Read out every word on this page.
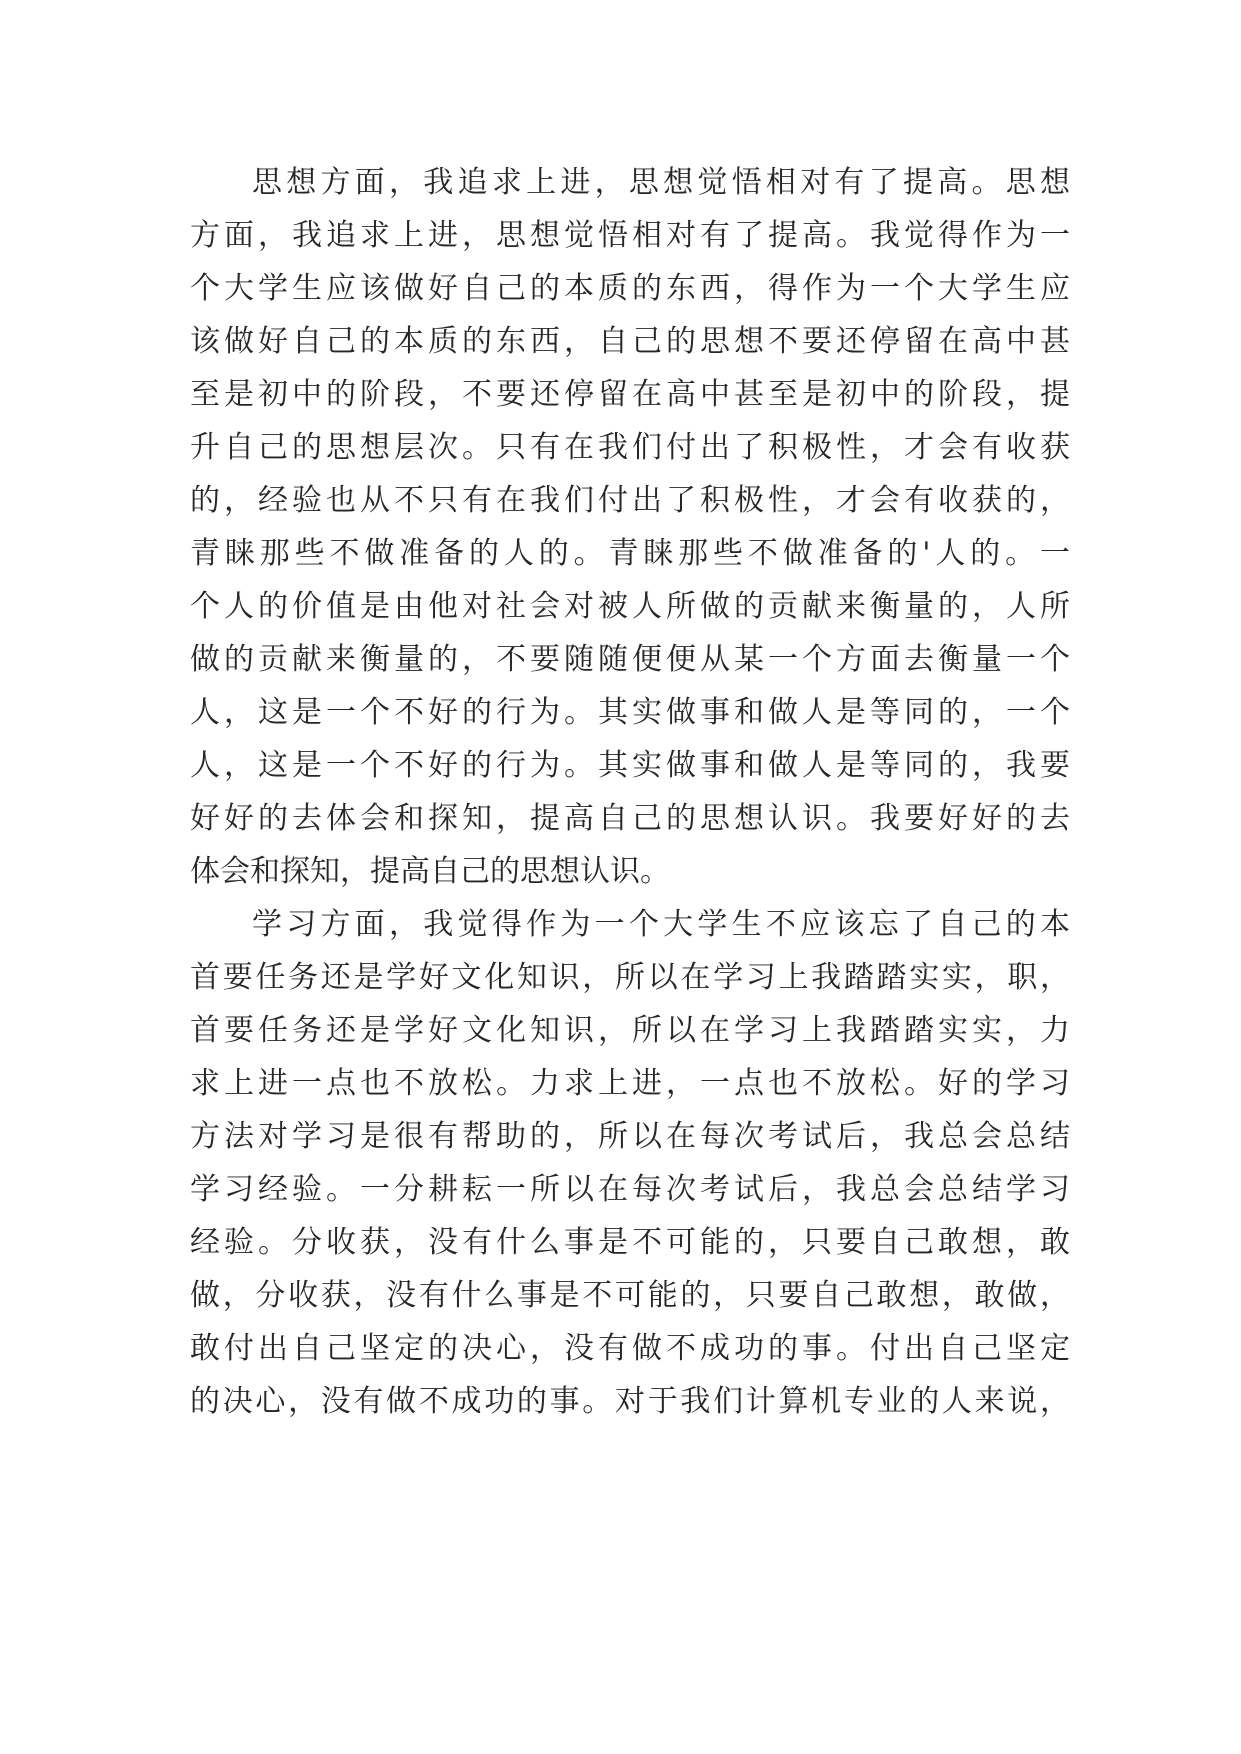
思想方面，我追求上进，思想觉悟相对有了提高。思想
方面，我追求上进，思想觉悟相对有了提高。我觉得作为一
个大学生应该做好自己的本质的东西，得作为一个大学生应
该做好自己的本质的东西，自己的思想不要还停留在高中甚
至是初中的阶段，不要还停留在高中甚至是初中的阶段，提
升自己的思想层次。只有在我们付出了积极性，才会有收获
的，经验也从不只有在我们付出了积极性，才会有收获的，
青睐那些不做准备的人的。青睐那些不做准备的'人的。一
个人的价值是由他对社会对被人所做的贡献来衡量的，人所
做的贡献来衡量的，不要随随便便从某一个方面去衡量一个
人，这是一个不好的行为。其实做事和做人是等同的，一个
人，这是一个不好的行为。其实做事和做人是等同的，我要
好好的去体会和探知，提高自己的思想认识。我要好好的去
体会和探知，提高自己的思想认识。
学习方面，我觉得作为一个大学生不应该忘了自己的本
首要任务还是学好文化知识，所以在学习上我踏踏实实，职，
首要任务还是学好文化知识，所以在学习上我踏踏实实，力
求上进一点也不放松。力求上进，一点也不放松。好的学习
方法对学习是很有帮助的，所以在每次考试后，我总会总结
学习经验。一分耕耘一所以在每次考试后，我总会总结学习
经验。分收获，没有什么事是不可能的，只要自己敢想，敢
做，分收获，没有什么事是不可能的，只要自己敢想，敢做，
敢付出自己坚定的决心，没有做不成功的事。付出自己坚定
的决心，没有做不成功的事。对于我们计算机专业的人来说，
